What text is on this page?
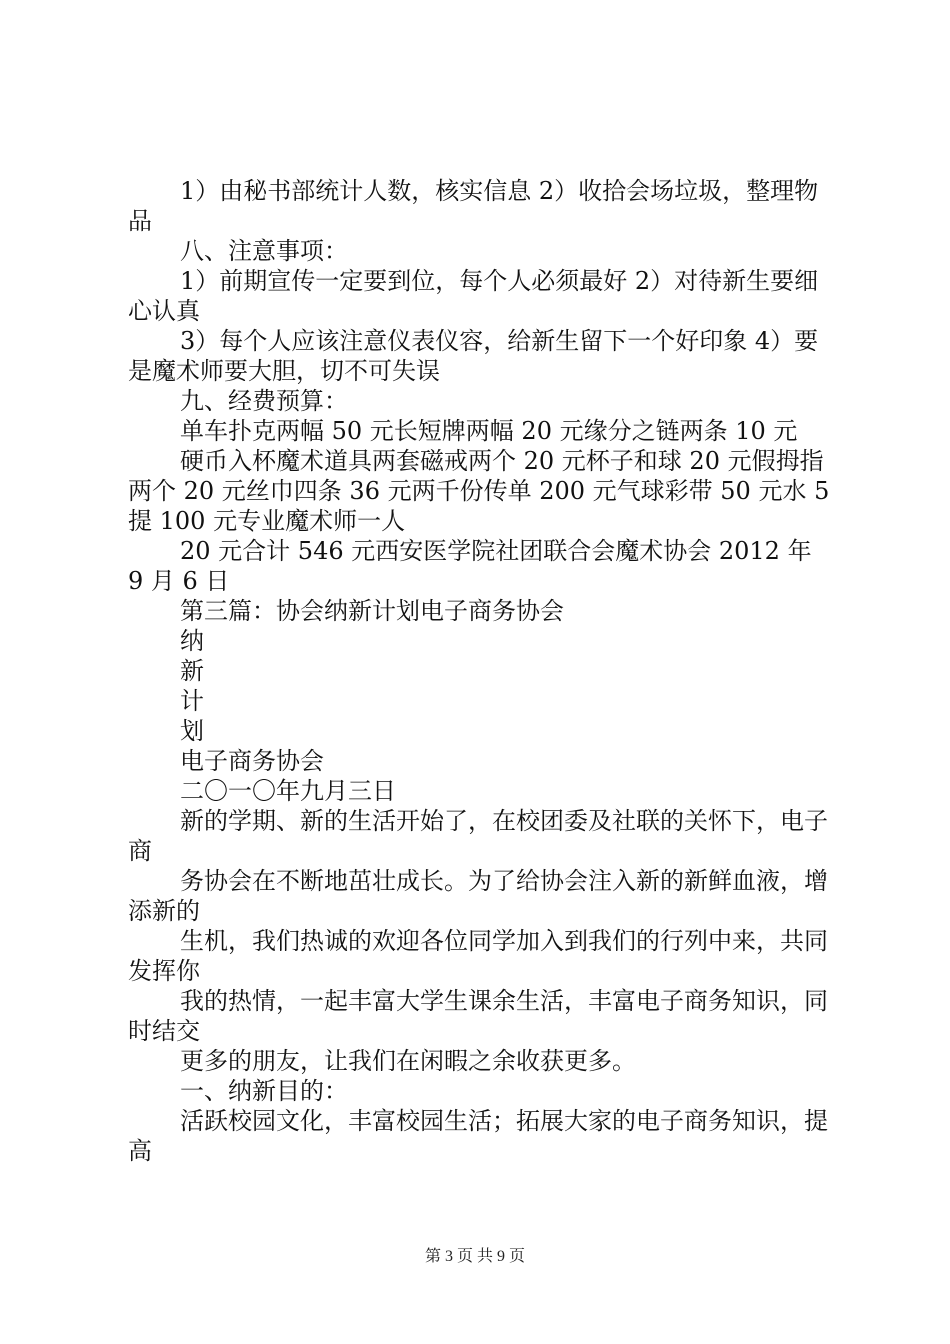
1）由秘书部统计人数，核实信息 2）收拾会场垃圾，整理物品

八、注意事项：

1）前期宣传一定要到位，每个人必须最好 2）对待新生要细心认真

3）每个人应该注意仪表仪容，给新生留下一个好印象 4）要是魔术师要大胆，切不可失误

九、经费预算：

单车扑克两幅 50 元长短牌两幅 20 元缘分之链两条 10 元

硬币入杯魔术道具两套磁戒两个 20 元杯子和球 20 元假拇指两个 20 元丝巾四条 36 元两千份传单 200 元气球彩带 50 元水 5 提 100 元专业魔术师一人

20 元合计 546 元西安医学院社团联合会魔术协会 2012 年 9 月 6 日

第三篇：协会纳新计划电子商务协会

纳

新

计

划

电子商务协会

二〇一〇年九月三日

新的学期、新的生活开始了，在校团委及社联的关怀下，电子商

务协会在不断地茁壮成长。为了给协会注入新的新鲜血液，增添新的

生机，我们热诚的欢迎各位同学加入到我们的行列中来，共同发挥你

我的热情，一起丰富大学生课余生活，丰富电子商务知识，同时结交

更多的朋友，让我们在闲暇之余收获更多。

一、纳新目的：

活跃校园文化，丰富校园生活；拓展大家的电子商务知识，提高

第 3 页 共 9 页
